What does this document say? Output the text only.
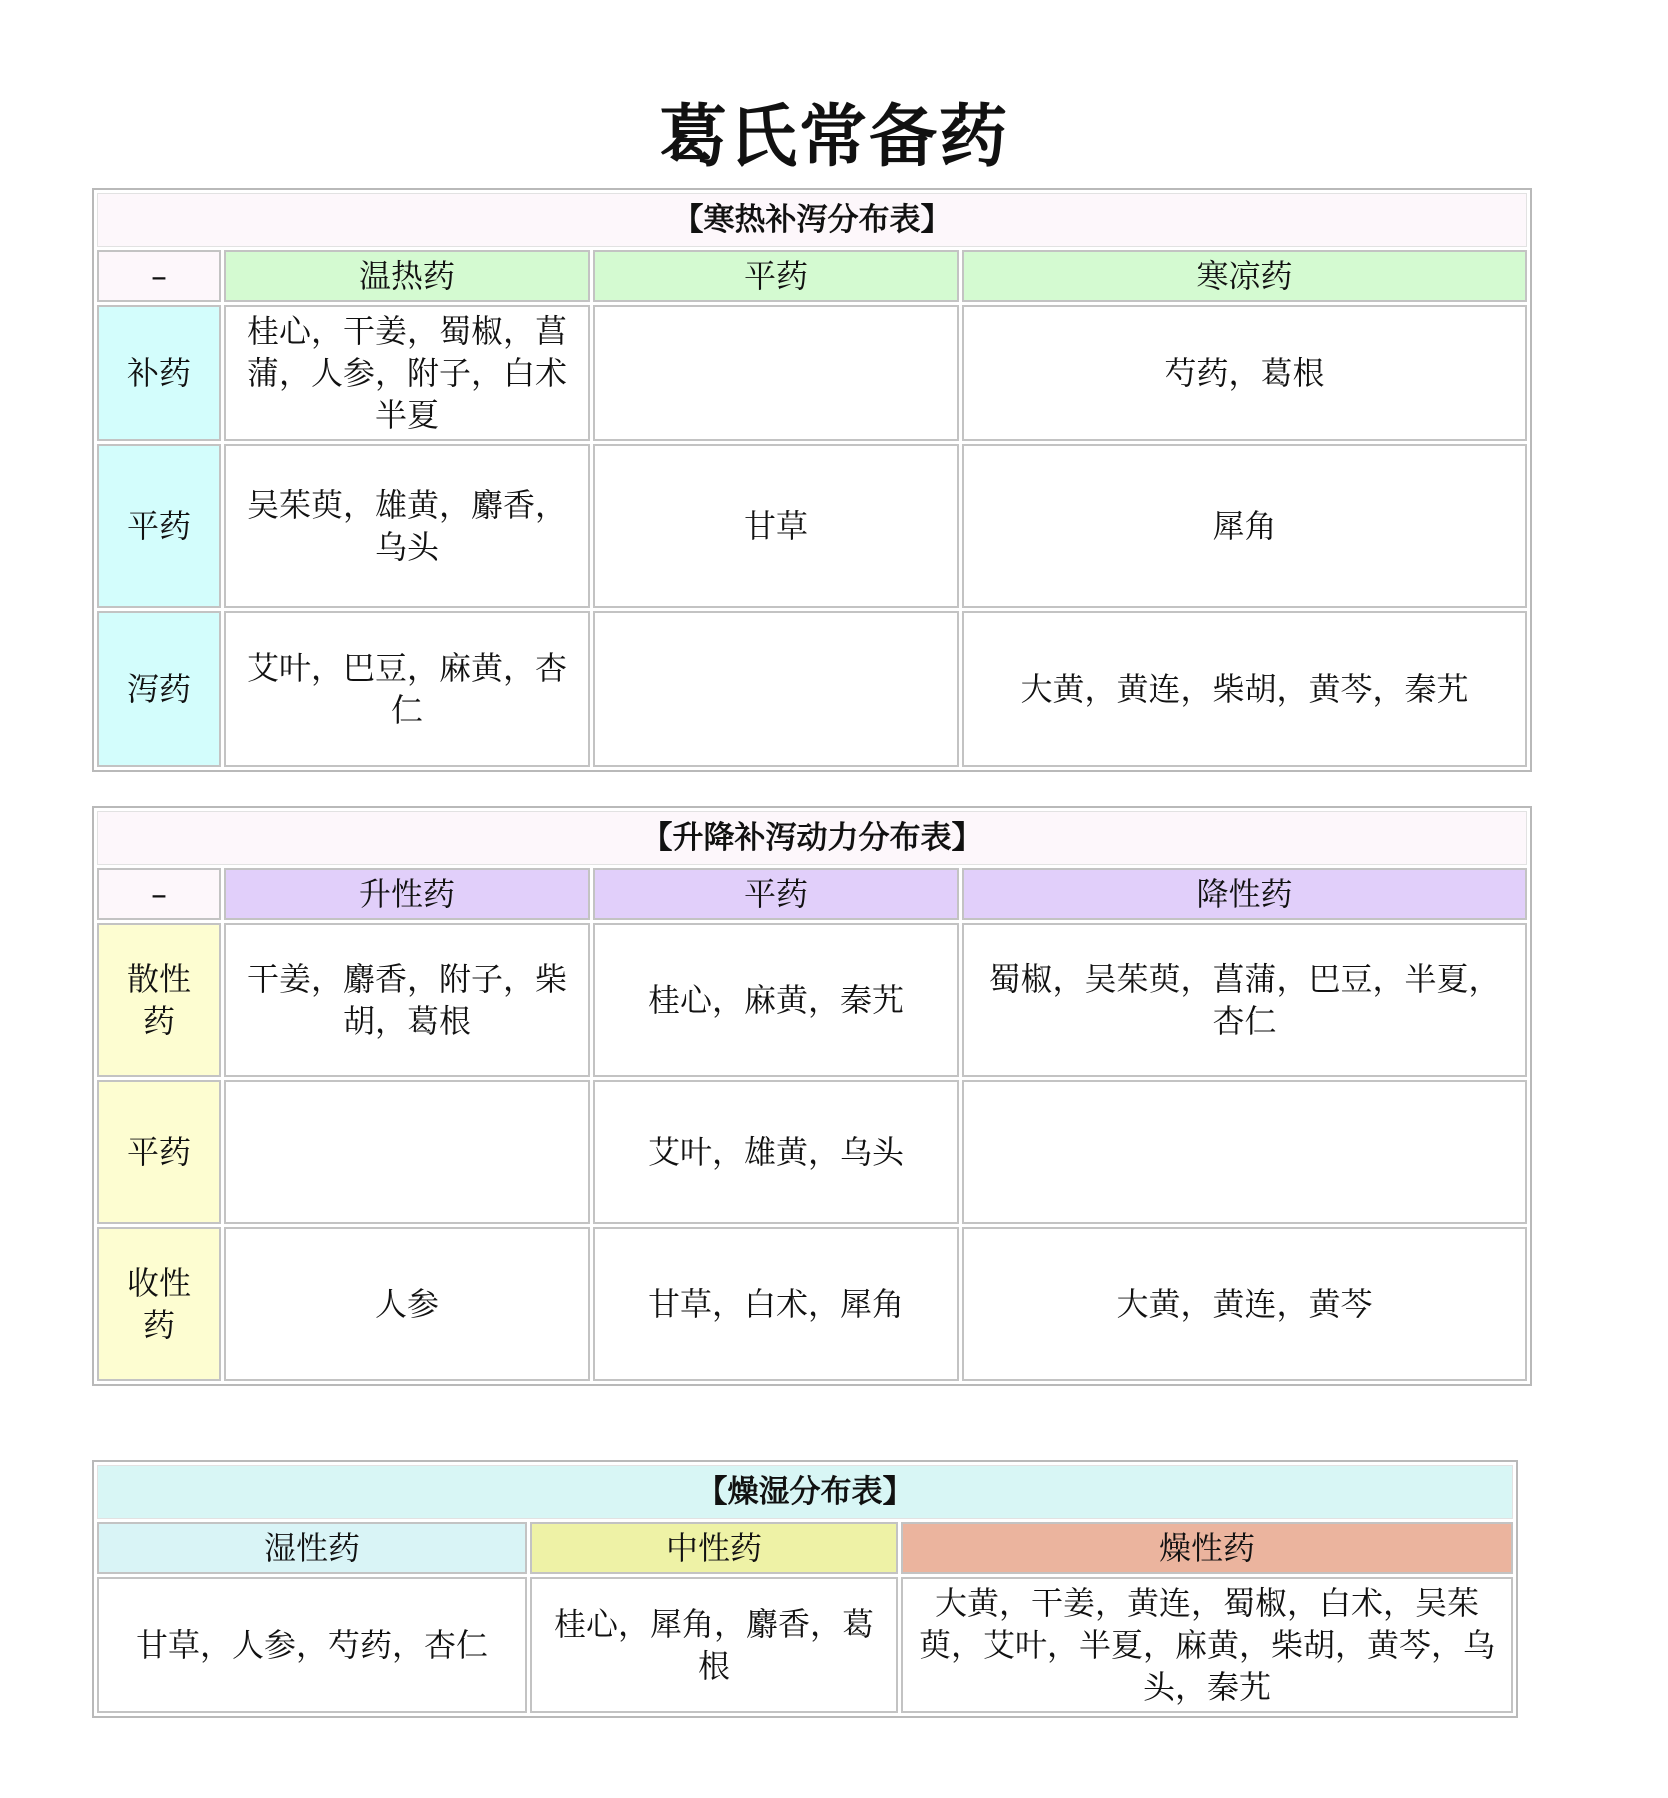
葛氏常备药
【寒热补泻分布表】			
–	温热药	平药	寒凉药
补药	桂心，干姜，蜀椒，菖蒲，人参，附子，白术半夏		芍药，葛根
平药	吴茱萸，雄黄，麝香，乌头	甘草	犀角
泻药	艾叶，巴豆，麻黄，杏仁		大黄，黄连，柴胡，黄芩，秦艽
【升降补泻动力分布表】			
–	升性药	平药	降性药
散性药	干姜，麝香，附子，柴胡，葛根	桂心，麻黄，秦艽	蜀椒，吴茱萸，菖蒲，巴豆，半夏，杏仁
平药		艾叶，雄黄，乌头	
收性药	人参	甘草，白术，犀角	大黄，黄连，黄芩
【燥湿分布表】		
湿性药	中性药	燥性药
甘草，人参，芍药，杏仁	桂心，犀角，麝香，葛根	大黄，干姜，黄连，蜀椒，白术，吴茱萸，艾叶，半夏，麻黄，柴胡，黄芩，乌头，秦艽
